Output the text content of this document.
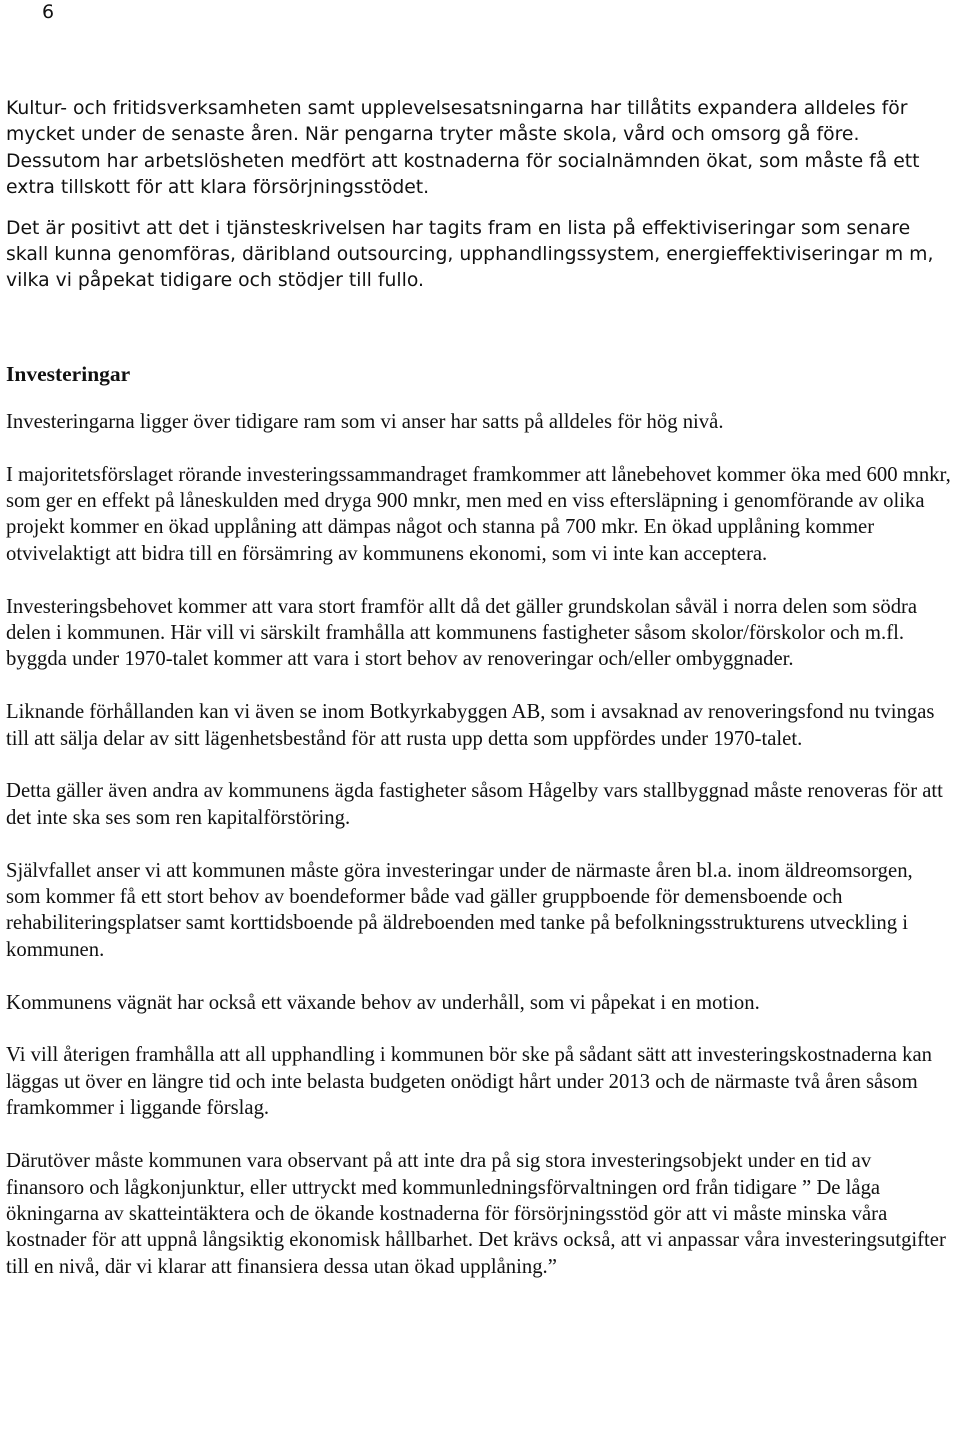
6

Kultur- och fritidsverksamheten samt upplevelsesatsningarna har tillåtits expandera alldeles för mycket under de senaste åren. När pengarna tryter måste skola, vård och omsorg gå före. Dessutom har arbetslösheten medfört att kostnaderna för socialnämnden ökat, som måste få ett extra tillskott för att klara försörjningsstödet.

Det är positivt att det i tjänsteskrivelsen har tagits fram en lista på effektiviseringar som senare skall kunna genomföras, däribland outsourcing, upphandlingssystem, energieffektiviseringar m m, vilka vi påpekat tidigare och stödjer till fullo.

Investeringar

Investeringarna ligger över tidigare ram som vi anser har satts på alldeles för hög nivå.

I majoritetsförslaget rörande investeringssammandraget framkommer att lånebehovet kommer öka med 600 mnkr, som ger en effekt på låneskulden med dryga 900 mnkr, men med en viss eftersläpning i genomförande av olika projekt kommer en ökad upplåning att dämpas något och stanna på 700 mkr. En ökad upplåning kommer otvivelaktigt att bidra till en försämring av kommunens ekonomi, som vi inte kan acceptera.

Investeringsbehovet kommer att vara stort framför allt då det gäller grundskolan såväl i norra delen som södra delen i kommunen. Här vill vi särskilt framhålla att kommunens fastigheter såsom skolor/förskolor och m.fl. byggda under 1970-talet kommer att vara i stort behov av renoveringar och/eller ombyggnader.

Liknande förhållanden kan vi även se inom Botkyrkabyggen AB, som i avsaknad av renoveringsfond nu tvingas till att sälja delar av sitt lägenhetsbestånd för att rusta upp detta som uppfördes under 1970-talet.

Detta gäller även andra av kommunens ägda fastigheter såsom Hågelby vars stallbyggnad måste renoveras för att det inte ska ses som ren kapitalförstöring.

Självfallet anser vi att kommunen måste göra investeringar under de närmaste åren bl.a. inom äldreomsorgen, som kommer få ett stort behov av boendeformer både vad gäller gruppboende för demensboende och rehabiliteringsplatser samt korttidsboende på äldreboenden med tanke på befolkningsstrukturens utveckling i kommunen.

Kommunens vägnät har också ett växande behov av underhåll, som vi påpekat i en motion.

Vi vill återigen framhålla att all upphandling i kommunen bör ske på sådant sätt att investeringskostnaderna kan läggas ut över en längre tid och inte belasta budgeten onödigt hårt under 2013 och de närmaste två åren såsom framkommer i liggande förslag.

Därutöver måste kommunen vara observant på att inte dra på sig stora investeringsobjekt under en tid av finansoro och lågkonjunktur, eller uttryckt med kommunledningsförvaltningen ord från tidigare ” De låga ökningarna av skatteintäktera och de ökande kostnaderna för försörjningsstöd gör att vi måste minska våra kostnader för att uppnå långsiktig ekonomisk hållbarhet. Det krävs också, att vi anpassar våra investeringsutgifter till en nivå, där vi klarar att finansiera dessa utan ökad upplåning.”
